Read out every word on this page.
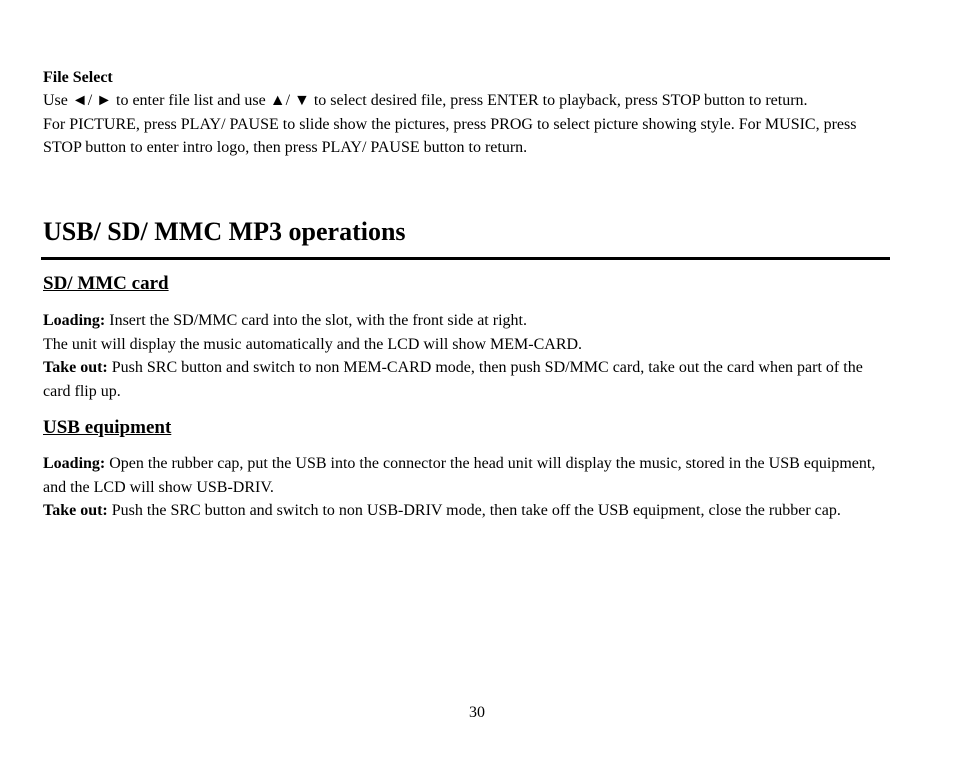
File Select

Use ◄/ ► to enter file list and use ▲/ ▼ to select desired file, press ENTER to playback, press STOP button to return.

For PICTURE, press PLAY/ PAUSE to slide show the pictures, press PROG to select picture showing style. For MUSIC, press STOP button to enter intro logo, then press PLAY/ PAUSE button to return.

USB/ SD/ MMC MP3 operations
SD/ MMC card

Loading: Insert the SD/MMC card into the slot, with the front side at right.

The unit will display the music automatically and the LCD will show MEM-CARD.

Take out: Push SRC button and switch to non MEM-CARD mode, then push SD/MMC card, take out the card when part of the card flip up.

USB equipment

Loading: Open the rubber cap, put the USB into the connector the head unit will display the music, stored in the USB equipment, and the LCD will show USB-DRIV.

Take out: Push the SRC button and switch to non USB-DRIV mode, then take off the USB equipment, close the rubber cap.

30
